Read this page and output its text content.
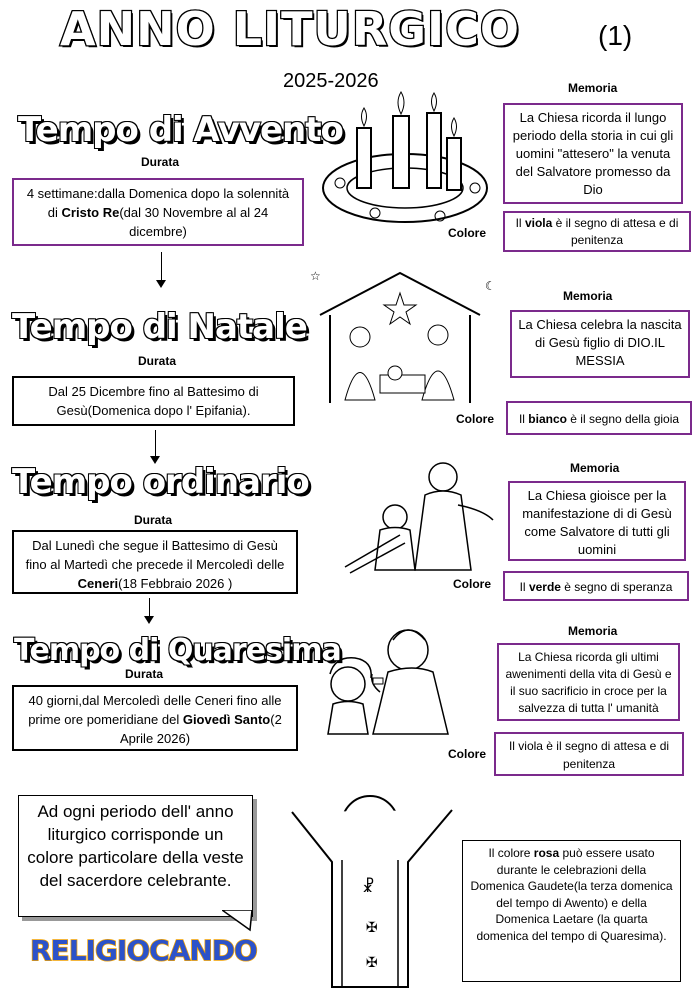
ANNO LITURGICO	(1)
2025-2026
Tempo di Avvento
Durata
4 settimane:dalla Domenica dopo la solennità di Cristo Re(dal 30 Novembre al al 24 dicembre)
Memoria
La Chiesa ricorda il lungo periodo della storia in cui gli uomini "attesero" la venuta del Salvatore promesso da Dio
Colore
Il viola è il segno di attesa e di penitenza
Tempo di Natale
Durata
Dal 25 Dicembre fino al Battesimo di Gesù(Domenica dopo l' Epifania).
Memoria
La Chiesa celebra la nascita di Gesù figlio di DIO.IL MESSIA
Colore	Il bianco è il segno della gioia
☆
☾
Tempo ordinario
Durata
Dal Lunedì che segue il Battesimo di Gesù fino al Martedì che precede il Mercoledì delle Ceneri(18 Febbraio 2026 )
Memoria
La Chiesa gioisce per la manifestazione di di Gesù come Salvatore di tutti gli uomini
Colore	Il verde è segno di speranza
Tempo di Quaresima
Durata
40 giorni,dal Mercoledì delle Ceneri fino alle prime ore pomeridiane del Giovedì Santo(2 Aprile 2026)
Memoria
La Chiesa ricorda gli ultimi awenimenti della vita di Gesù e il suo sacrificio in croce per la salvezza di tutta l' umanità
Colore
Il viola è il segno di attesa e di penitenza
Ad ogni periodo dell' anno liturgico corrisponde un colore particolare della veste del sacerdore celebrante.	☧
✠
✠
Il colore rosa può essere usato durante le celebrazioni della Domenica Gaudete(la terza domenica del tempo di Awento) e della Domenica Laetare (la quarta domenica del tempo di Quaresima).
RELIGIOCANDO
